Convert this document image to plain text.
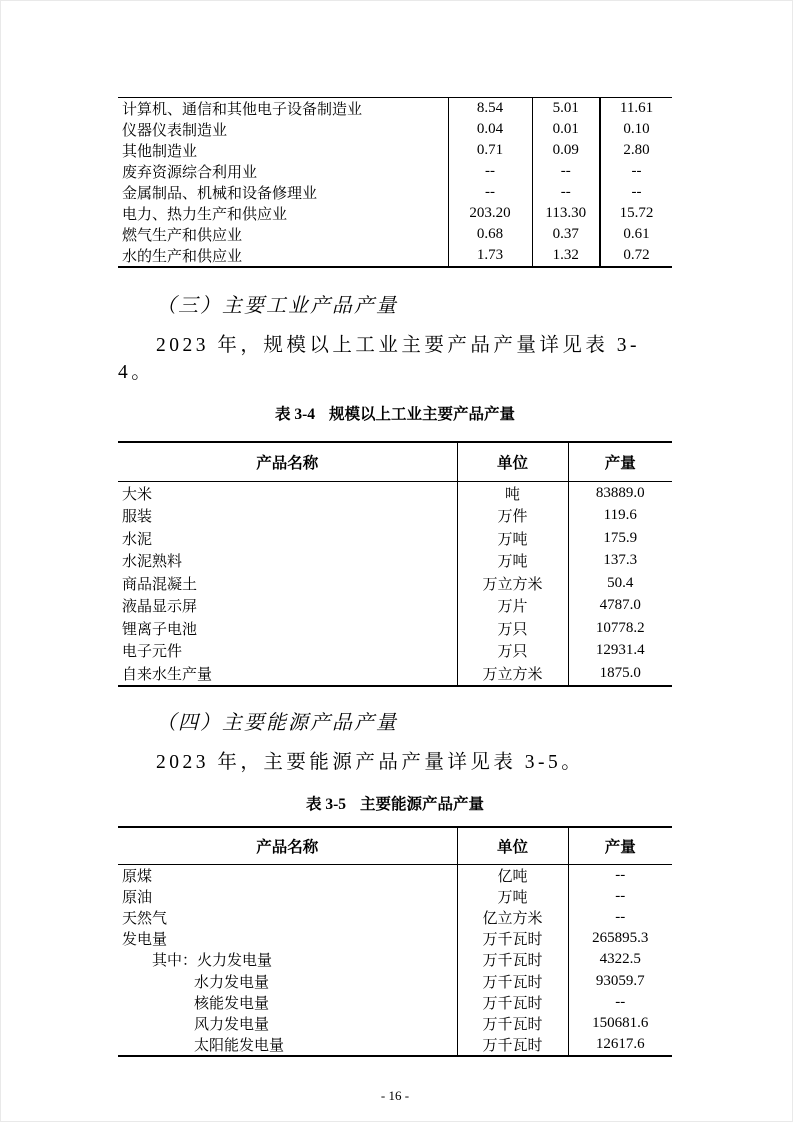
计算机、通信和其他电子设备制造业	8.54	5.01	11.61
仪器仪表制造业	0.04	0.01	0.10
其他制造业	0.71	0.09	2.80
废弃资源综合利用业	--	--	--
金属制品、机械和设备修理业	--	--	--
电力、热力生产和供应业	203.20	113.30	15.72
燃气生产和供应业	0.68	0.37	0.61
水的生产和供应业	1.73	1.32	0.72
（三）主要工业产品产量

2023 年，规模以上工业主要产品产量详见表 3-4。

表 3-4 规模以上工业主要产品产量
产品名称	单位	产量
大米	吨	83889.0
服装	万件	119.6
水泥	万吨	175.9
水泥熟料	万吨	137.3
商品混凝土	万立方米	50.4
液晶显示屏	万片	4787.0
锂离子电池	万只	10778.2
电子元件	万只	12931.4
自来水生产量	万立方米	1875.0
（四）主要能源产品产量

2023 年，主要能源产品产量详见表 3-5。

表 3-5 主要能源产品产量
产品名称	单位	产量
原煤	亿吨	--
原油	万吨	--
天然气	亿立方米	--
发电量	万千瓦时	265895.3
其中：火力发电量	万千瓦时	4322.5
水力发电量	万千瓦时	93059.7
核能发电量	万千瓦时	--
风力发电量	万千瓦时	150681.6
太阳能发电量	万千瓦时	12617.6
- 16 -
